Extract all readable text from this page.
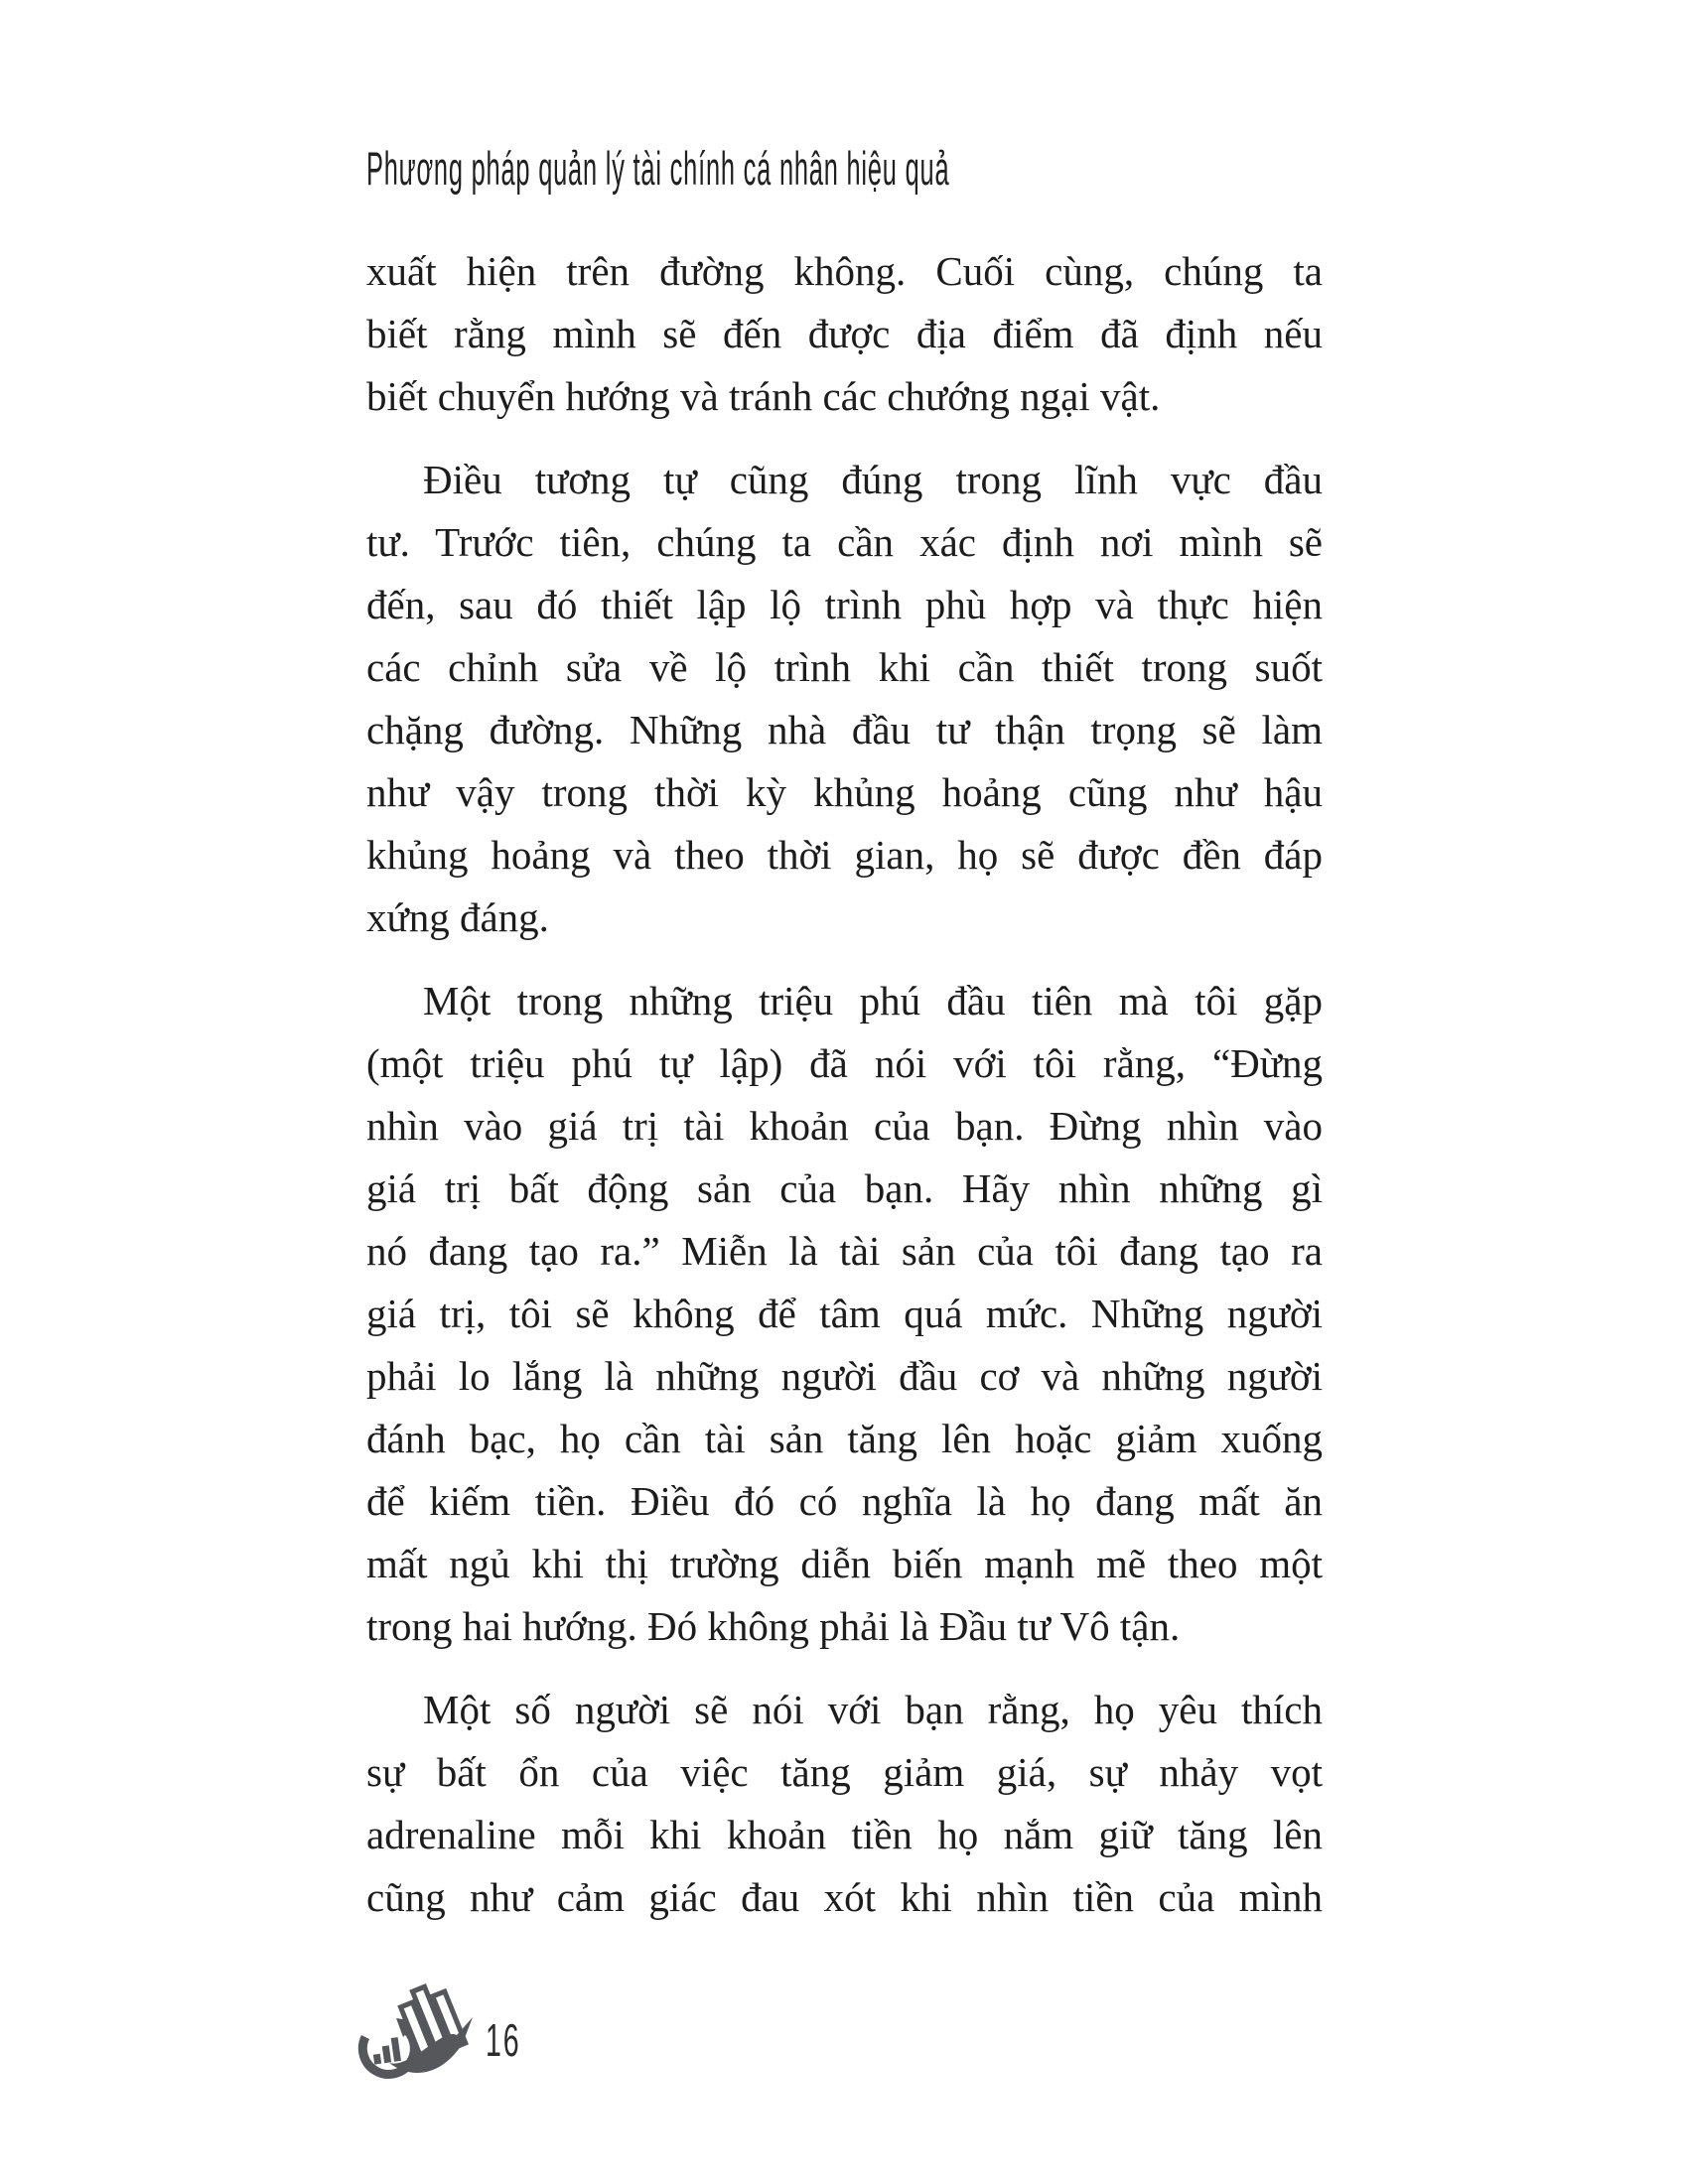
Phương pháp quản lý tài chính cá nhân hiệu quả
xuất hiện trên đường không. Cuối cùng, chúng ta
biết rằng mình sẽ đến được địa điểm đã định nếu
biết chuyển hướng và tránh các chướng ngại vật.
Điều tương tự cũng đúng trong lĩnh vực đầu
tư. Trước tiên, chúng ta cần xác định nơi mình sẽ
đến, sau đó thiết lập lộ trình phù hợp và thực hiện
các chỉnh sửa về lộ trình khi cần thiết trong suốt
chặng đường. Những nhà đầu tư thận trọng sẽ làm
như vậy trong thời kỳ khủng hoảng cũng như hậu
khủng hoảng và theo thời gian, họ sẽ được đền đáp
xứng đáng.
Một trong những triệu phú đầu tiên mà tôi gặp
(một triệu phú tự lập) đã nói với tôi rằng, “Đừng
nhìn vào giá trị tài khoản của bạn. Đừng nhìn vào
giá trị bất động sản của bạn. Hãy nhìn những gì
nó đang tạo ra.” Miễn là tài sản của tôi đang tạo ra
giá trị, tôi sẽ không để tâm quá mức. Những người
phải lo lắng là những người đầu cơ và những người
đánh bạc, họ cần tài sản tăng lên hoặc giảm xuống
để kiếm tiền. Điều đó có nghĩa là họ đang mất ăn
mất ngủ khi thị trường diễn biến mạnh mẽ theo một
trong hai hướng. Đó không phải là Đầu tư Vô tận.
Một số người sẽ nói với bạn rằng, họ yêu thích
sự bất ổn của việc tăng giảm giá, sự nhảy vọt
adrenaline mỗi khi khoản tiền họ nắm giữ tăng lên
cũng như cảm giác đau xót khi nhìn tiền của mình
16
